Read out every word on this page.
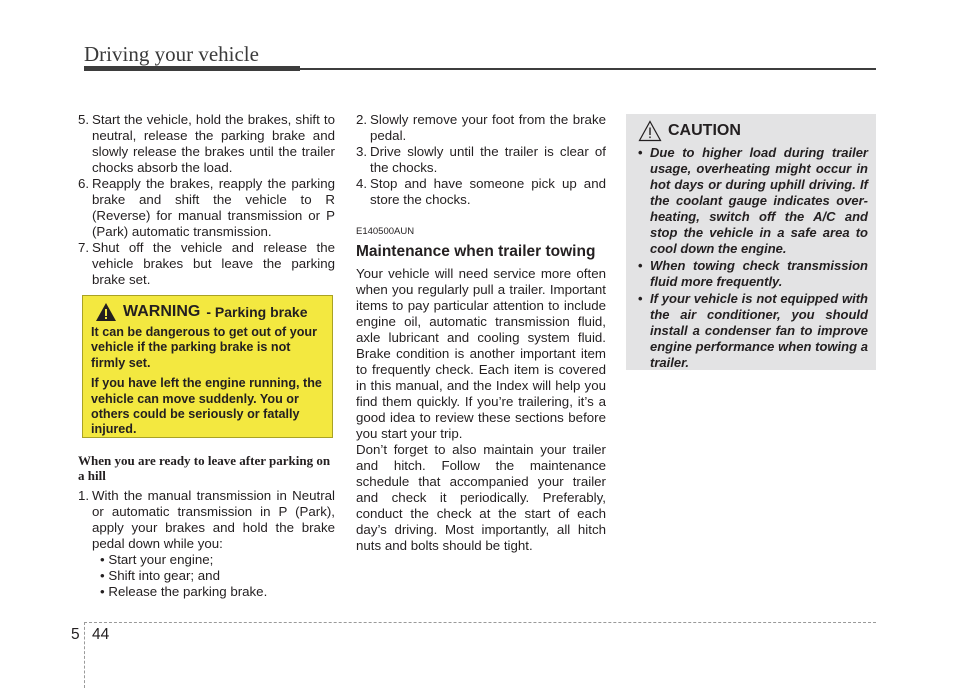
Driving your vehicle
5. Start the vehicle, hold the brakes, shift to neutral, release the parking brake and slowly release the brakes until the trailer chocks absorb the load.
6. Reapply the brakes, reapply the parking brake and shift the vehicle to R (Reverse) for manual transmission or P (Park) automatic transmission.
7. Shut off the vehicle and release the vehicle brakes but leave the parking brake set.
WARNING - Parking brake

It can be dangerous to get out of your vehicle if the parking brake is not firmly set.

If you have left the engine running, the vehicle can move suddenly. You or others could be seriously or fatally injured.

When you are ready to leave after parking on a hill

1. With the manual transmission in Neutral or automatic transmission in P (Park), apply your brakes and hold the brake pedal down while you:
• Start your engine;
• Shift into gear; and
• Release the parking brake.
2. Slowly remove your foot from the brake pedal.
3. Drive slowly until the trailer is clear of the chocks.
4. Stop and have someone pick up and store the chocks.
E140500AUN
Maintenance when trailer towing

Your vehicle will need service more often when you regularly pull a trailer. Important items to pay particular attention to include engine oil, automatic transmission fluid, axle lubricant and cooling system fluid. Brake condition is another important item to frequently check. Each item is covered in this manual, and the Index will help you find them quickly. If you’re trailering, it’s a good idea to review these sections before you start your trip.

Don’t forget to also maintain your trailer and hitch. Follow the maintenance schedule that accompanied your trailer and check it periodically. Preferably, conduct the check at the start of each day’s driving. Most importantly, all hitch nuts and bolts should be tight.

CAUTION
• Due to higher load during trailer usage, overheating might occur in hot days or during uphill driving. If the coolant gauge indicates over-heating, switch off the A/C and stop the vehicle in a safe area to cool down the engine.
• When towing check transmission fluid more frequently.
• If your vehicle is not equipped with the air conditioner, you should install a condenser fan to improve engine performance when towing a trailer.
5 44
